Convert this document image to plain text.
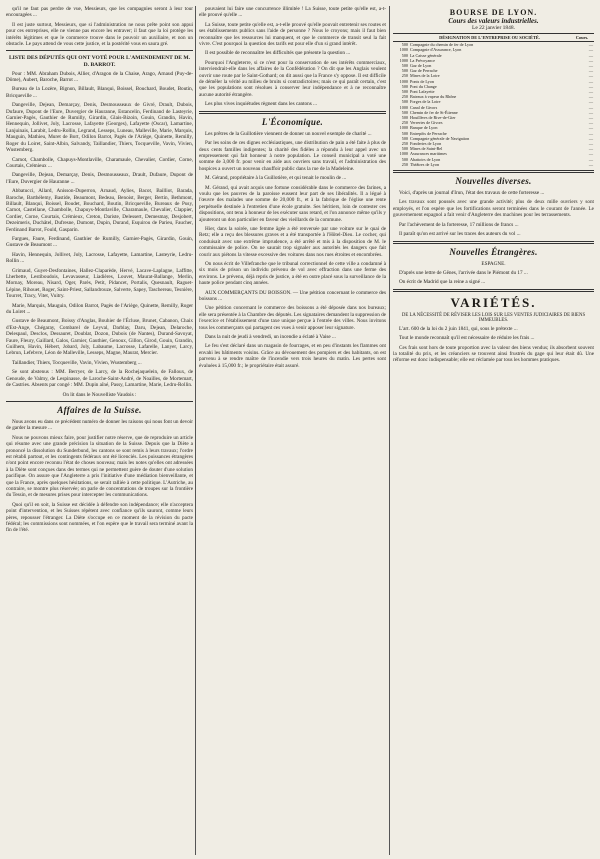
qu'il ne faut pas perdre de vue, Messieurs, que les compagnies seront à leur tour encouragées ...

Il est juste surtout, Messieurs, que si l'administration ne nous prête point son appui pour ces entreprises, elle ne vienne pas encore les entraver; il faut que la loi protège les intérêts légitimes et que le commerce trouve dans le pouvoir un auxiliaire, et non un obstacle. Le pays attend de vous cette justice, et la postérité vous en saura gré.

LISTE DES DÉPUTÉS QUI ONT VOTÉ POUR L'AMENDEMENT DE M. D. BARROT.

Pour : MM. Abraham Dubois, Allier, d'Aragon de la Chaise, Arago, Arnaud (Puy-de-Dôme), Aubert, Baroche, Barrot ...

Bureau de la Lozère, Bignon, Billault, Blanqui, Boissel, Bouchard, Boudet, Boutin, Bricqueville ...

Dangeville, Dejean, Demarçay, Denis, Desmousseaux de Givré, Drault, Dubois, Dufaure, Dupont de l'Eure, Duvergier de Hauranne, Estancelin, Ferdinand de Lasteyrie, Garnier-Pagès, Gauthier de Rumilly, Girardin, Glais-Bizoin, Gouin, Grandin, Havin, Hennequin, Jollivet, Joly, Lacrosse, Lafayette (Georges), Lafayette (Oscar), Lamartine, Lanjuinais, Larabit, Ledru-Rollin, Legrand, Lesseps, Luneau, Malleville, Marie, Marquis, Mauguin, Mathieu, Muret de Bort, Odilon Barrot, Pagès de l'Ariège, Quinette, Remilly, Roger du Loiret, Saint-Albin, Salvandy, Taillandier, Thiers, Tocqueville, Vavin, Vivien, Wustemberg.

Carnot, Chambolle, Chapuys-Montlaville, Charamaule, Chevalier, Cordier, Corne, Courtais, Crémieux ...

Dangeville, Dejean, Demarçay, Denis, Desmousseaux, Drault, Dufaure, Dupont de l'Eure, Duvergier de Hauranne ...

Abbatucci, Allard, Anisson-Duperron, Arnaud, Aylies, Bacot, Bailliot, Barada, Baroche, Barthélemy, Bastide, Beaumont, Bedeau, Benoist, Berger, Bertin, Bethmont, Billault, Blanqui, Boissel, Boudet, Bouchard, Boutin, Bricqueville, Bureaux de Pusy, Carnot, Castellane, Chambolle, Chapuys-Montlaville, Charamaule, Chevalier, Clappier, Cordier, Corne, Courtais, Crémieux, Creton, Dariste, Delessert, Demesmay, Desjobert, Dezeimeris, Duchâtel, Dufresne, Dumont, Dupin, Durand, Esquirou de Parieu, Faucher, Ferdinand Barrot, Fould, Gasparin.

Fargues, Faure, Ferdinand, Gauthier de Rumilly, Garnier-Pagès, Girardin, Gouin, Gustave de Beaumont ...

Havin, Hennequin, Jollivet, Joly, Lacrosse, Lafayette, Lamartine, Lasteyrie, Ledru-Rollin ...

Grimaud, Guyet-Desfontaines, Hallez-Claparède, Hervé, Lacave-Laplagne, Laffitte, Lherbette, Lestiboudois, Levavasseur, Liadières, Louvet, Maurat-Ballange, Merlin, Mornay, Moreau, Nisard, Oger, Parès, Petit, Pidancet, Portalis, Quesnault, Raguet-Lépine, Rihouet, Roger, Saint-Priest, Sallandrouze, Salverte, Sapey, Taschereau, Tesnière, Tourret, Tracy, Vitet, Vuitry.

Marie, Marquis, Mauguin, Odilon Barrot, Pagès de l'Ariège, Quinette, Remilly, Roger du Loiret ...

Gustave de Beaumont, Boissy d'Anglas, Bouhier de l'Écluse, Brunet, Cabanon, Chaix d'Est-Ange, Chégaray, Combarel de Leyval, Darblay, Daru, Dejean, Delaroche, Delespaul, Desclos, Dessauret, Doublat, Dozon, Dubois (de Nantes), Durand-Savoyat, Faure, Fleury, Gaillard, Galos, Garnier, Gauthier, Genoux, Gillon, Girod, Gouin, Grandin, Guilhem, Havin, Hébert, Jobard, Joly, Labaume, Lacrosse, Lafarelle, Lanyer, Larcy, Lebrun, Lefebvre, Léon de Malleville, Lesseps, Magne, Maurat, Mercier.

Taillandier, Thiers, Tocqueville, Vavin, Vivien, Wustemberg ...

Se sont abstenus : MM. Berryer, de Larcy, de la Rochejaquelein, de Falloux, de Genoude, de Valmy, de Lespinasse, de Laroche-Saint-André, de Noailles, de Mortemart, de Castries. Absents par congé : MM. Dupin aîné, Passy, Lamartine, Marie, Ledru-Rollin.

On lit dans le Nouvelliste Vaudois :

Affaires de la Suisse.

Nous avons eu dans ce précédent numéro de donner les raisons qui nous font un devoir de garder la mesure ...

Nous ne pouvons mieux faire, pour justifier notre réserve, que de reproduire un article qui résume avec une grande précision la situation de la Suisse. Depuis que la Diète a prononcé la dissolution du Sunderbund, les cantons se sont remis à leurs travaux; l'ordre est rétabli partout, et les contingents fédéraux ont été licenciés. Les puissances étrangères n'ont point encore reconnu l'état de choses nouveau; mais les notes qu'elles ont adressées à la Diète sont conçues dans des termes qui ne permettent guère de douter d'une solution pacifique. On assure que l'Angleterre a pris l'initiative d'une médiation bienveillante, et que la France, après quelques hésitations, se serait ralliée à cette politique. L'Autriche, au contraire, se montre plus réservée; on parle de concentrations de troupes sur la frontière du Tessin, et de mesures prises pour intercepter les communications.

Quoi qu'il en soit, la Suisse est décidée à défendre son indépendance; elle n'acceptera point d'intervention, et les Suisses répètent avec confiance qu'ils sauront, comme leurs pères, repousser l'étranger. La Diète s'occupe en ce moment de la révision du pacte fédéral; les commissions sont nommées, et l'on espère que le travail sera terminé avant la fin de l'été.

pouvaient lui faire une concurrence illimitée ! La Suisse, toute petite qu'elle est, a-t-elle prouvé qu'elle ...

La Suisse, toute petite qu'elle est, a-t-elle prouvé qu'elle pouvait entretenir ses routes et ses établissements publics sans l'aide de personne ? Nous le croyons; mais il faut bien reconnaître que les ressources lui manquent, et que le commerce de transit seul la fait vivre. C'est pourquoi la question des tarifs est pour elle d'un si grand intérêt.

Il est possible de reconnaître les difficultés que présente la question ...

Pourquoi l'Angleterre, si ce n'est pour la conservation de ses intérêts commerciaux, interviendrait-elle dans les affaires de la Confédération ? On dit que les Anglais veulent ouvrir une route par le Saint-Gothard; on dit aussi que la France s'y oppose. Il est difficile de démêler la vérité au milieu de bruits si contradictoires; mais ce qui paraît certain, c'est que les populations sont résolues à conserver leur indépendance et à ne reconnaître aucune autorité étrangère.

Les plus vives inquiétudes règnent dans les cantons ...

L'Économique.

Les prêtres de la Guillotière viennent de donner un nouvel exemple de charité ...

Par les soins de ces dignes ecclésiastiques, une distribution de pain a été faite à plus de deux cents familles indigentes; la charité des fidèles a répondu à leur appel avec un empressement qui fait honneur à notre population. Le conseil municipal a voté une somme de 3,000 fr. pour venir en aide aux ouvriers sans travail, et l'administration des hospices a ouvert un nouveau chauffoir public dans la rue de la Madeleine.

M. Gérand, propriétaire à la Guillotière, et qui tenait le moulin de ...

M. Gérand, qui avait acquis une fortune considérable dans le commerce des farines, a voulu que les pauvres de la paroisse eussent leur part de ses libéralités. Il a légué à l'œuvre des malades une somme de 20,000 fr., et à la fabrique de l'église une rente perpétuelle destinée à l'entretien d'une école gratuite. Ses héritiers, loin de contester ces dispositions, ont tenu à honneur de les exécuter sans retard, et l'on annonce même qu'ils y ajouteront un don particulier en faveur des vieillards de la commune.

Hier, dans la soirée, une femme âgée a été renversée par une voiture sur le quai de Retz; elle a reçu des blessures graves et a été transportée à l'Hôtel-Dieu. Le cocher, qui conduisait avec une extrême imprudence, a été arrêté et mis à la disposition de M. le commissaire de police. On ne saurait trop signaler aux autorités les dangers que fait courir aux piétons la vitesse excessive des voitures dans nos rues étroites et encombrées.

On nous écrit de Villefranche que le tribunal correctionnel de cette ville a condamné à six mois de prison un individu prévenu de vol avec effraction dans une ferme des environs. Le prévenu, déjà repris de justice, a été en outre placé sous la surveillance de la haute police pendant cinq années.

AUX COMMERÇANTS DU BOISSON. — Une pétition concernant le commerce des boissons ...

Une pétition concernant le commerce des boissons a été déposée dans nos bureaux; elle sera présentée à la Chambre des députés. Les signataires demandent la suppression de l'exercice et l'établissement d'une taxe unique perçue à l'entrée des villes. Nous invitons tous les commerçants qui partagent ces vues à venir apposer leur signature.

Dans la nuit de jeudi à vendredi, un incendie a éclaté à Vaise ...

Le feu s'est déclaré dans un magasin de fourrages, et en peu d'instants les flammes ont envahi les bâtiments voisins. Grâce au dévouement des pompiers et des habitants, on est parvenu à se rendre maître de l'incendie vers trois heures du matin. Les pertes sont évaluées à 15,000 fr.; le propriétaire était assuré.

BOURSE DE LYON.
Cours des valeurs industrielles.
Le 22 janvier 1848.
	DÉSIGNATION DE L'ENTREPRISE OU SOCIÉTÉ.	Cours.
500	Compagnie du chemin de fer de Lyon	—
1000	Compagnie d'Assurance, Lyon	—
500	La Caisse générale	—
1000	La Prévoyance	—
500	Gaz de Lyon	—
500	Gaz de Perrache	—
250	Mines de la Loire	—
1000	Ponts de Lyon	—
500	Pont du Change	—
500	Pont Lafayette	—
250	Bateaux à vapeur du Rhône	—
500	Forges de la Loire	—
1000	Canal de Givors	—
500	Chemin de fer de St-Étienne	—
500	Houillères de Rive-de-Gier	—
250	Verreries de Givors	—
1000	Banque de Lyon	—
500	Entrepôts de Perrache	—
500	Compagnie générale de Navigation	—
250	Fonderies de Lyon	—
500	Mines de Saint-Bel	—
1000	Assurances maritimes	—
500	Abattoirs de Lyon	—
250	Théâtres de Lyon	—
Nouvelles diverses.

Voici, d'après un journal d'Irun, l'état des travaux de cette forteresse ...

Les travaux sont poussés avec une grande activité; plus de deux mille ouvriers y sont employés, et l'on espère que les fortifications seront terminées dans le courant de l'année. Le gouvernement espagnol a fait venir d'Angleterre des machines pour les terrassements.

Par l'achèvement de la forteresse, 17 millions de francs ...

Il paraît qu'on est arrivé sur les traces des auteurs du vol ...

Nouvelles Étrangères.

ESPAGNE.

D'après une lettre de Gênes, l'arrivée dans le Piémont du 17 ...

On écrit de Madrid que la reine a signé ...

VARIÉTÉS.
DE LA NÉCESSITÉ DE RÉVISER LES LOIS SUR LES VENTES JUDICIAIRES DE BIENS IMMEUBLES.

L'art. 600 de la loi du 2 juin 1841, qui, sous le prétexte ...

Tout le monde reconnaît qu'il est nécessaire de réduire les frais ...

Ces frais sont hors de toute proportion avec la valeur des biens vendus; ils absorbent souvent la totalité du prix, et les créanciers se trouvent ainsi frustrés du gage qui leur était dû. Une réforme est donc indispensable; elle est réclamée par tous les hommes pratiques.
